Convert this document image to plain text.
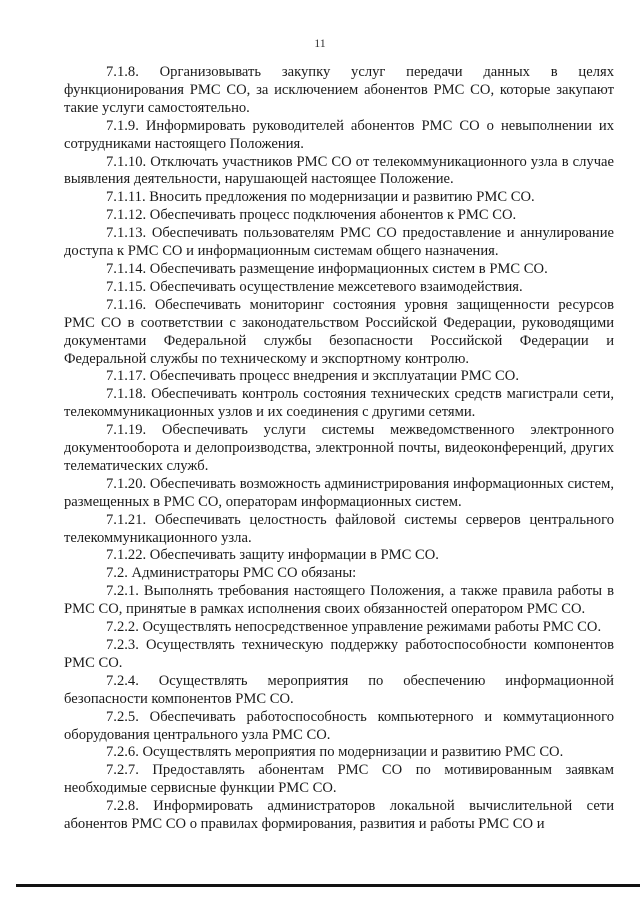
11

7.1.8. Организовывать закупку услуг передачи данных в целях функционирования РМС СО, за исключением абонентов РМС СО, которые закупают такие услуги самостоятельно.

7.1.9. Информировать руководителей абонентов РМС СО о невыполнении их сотрудниками настоящего Положения.

7.1.10. Отключать участников РМС СО от телекоммуникационного узла в случае выявления деятельности, нарушающей настоящее Положение.

7.1.11. Вносить предложения по модернизации и развитию РМС СО.

7.1.12. Обеспечивать процесс подключения абонентов к РМС СО.

7.1.13. Обеспечивать пользователям РМС СО предоставление и аннулирование доступа к РМС СО и информационным системам общего назначения.

7.1.14. Обеспечивать размещение информационных систем в РМС СО.

7.1.15. Обеспечивать осуществление межсетевого взаимодействия.

7.1.16. Обеспечивать мониторинг состояния уровня защищенности ресурсов РМС СО в соответствии с законодательством Российской Федерации, руководящими документами Федеральной службы безопасности Российской Федерации и Федеральной службы по техническому и экспортному контролю.

7.1.17. Обеспечивать процесс внедрения и эксплуатации РМС СО.

7.1.18. Обеспечивать контроль состояния технических средств магистрали сети, телекоммуникационных узлов и их соединения с другими сетями.

7.1.19. Обеспечивать услуги системы межведомственного электронного документооборота и делопроизводства, электронной почты, видеоконференций, других телематических служб.

7.1.20. Обеспечивать возможность администрирования информационных систем, размещенных в РМС СО, операторам информационных систем.

7.1.21. Обеспечивать целостность файловой системы серверов центрального телекоммуникационного узла.

7.1.22. Обеспечивать защиту информации в РМС СО.

7.2. Администраторы РМС СО обязаны:

7.2.1. Выполнять требования настоящего Положения, а также правила работы в РМС СО, принятые в рамках исполнения своих обязанностей оператором РМС СО.

7.2.2. Осуществлять непосредственное управление режимами работы РМС СО.

7.2.3. Осуществлять техническую поддержку работоспособности компонентов РМС СО.

7.2.4. Осуществлять мероприятия по обеспечению информационной безопасности компонентов РМС СО.

7.2.5. Обеспечивать работоспособность компьютерного и коммутационного оборудования центрального узла РМС СО.

7.2.6. Осуществлять мероприятия по модернизации и развитию РМС СО.

7.2.7. Предоставлять абонентам РМС СО по мотивированным заявкам необходимые сервисные функции РМС СО.

7.2.8. Информировать администраторов локальной вычислительной сети абонентов РМС СО о правилах формирования, развития и работы РМС СО и
